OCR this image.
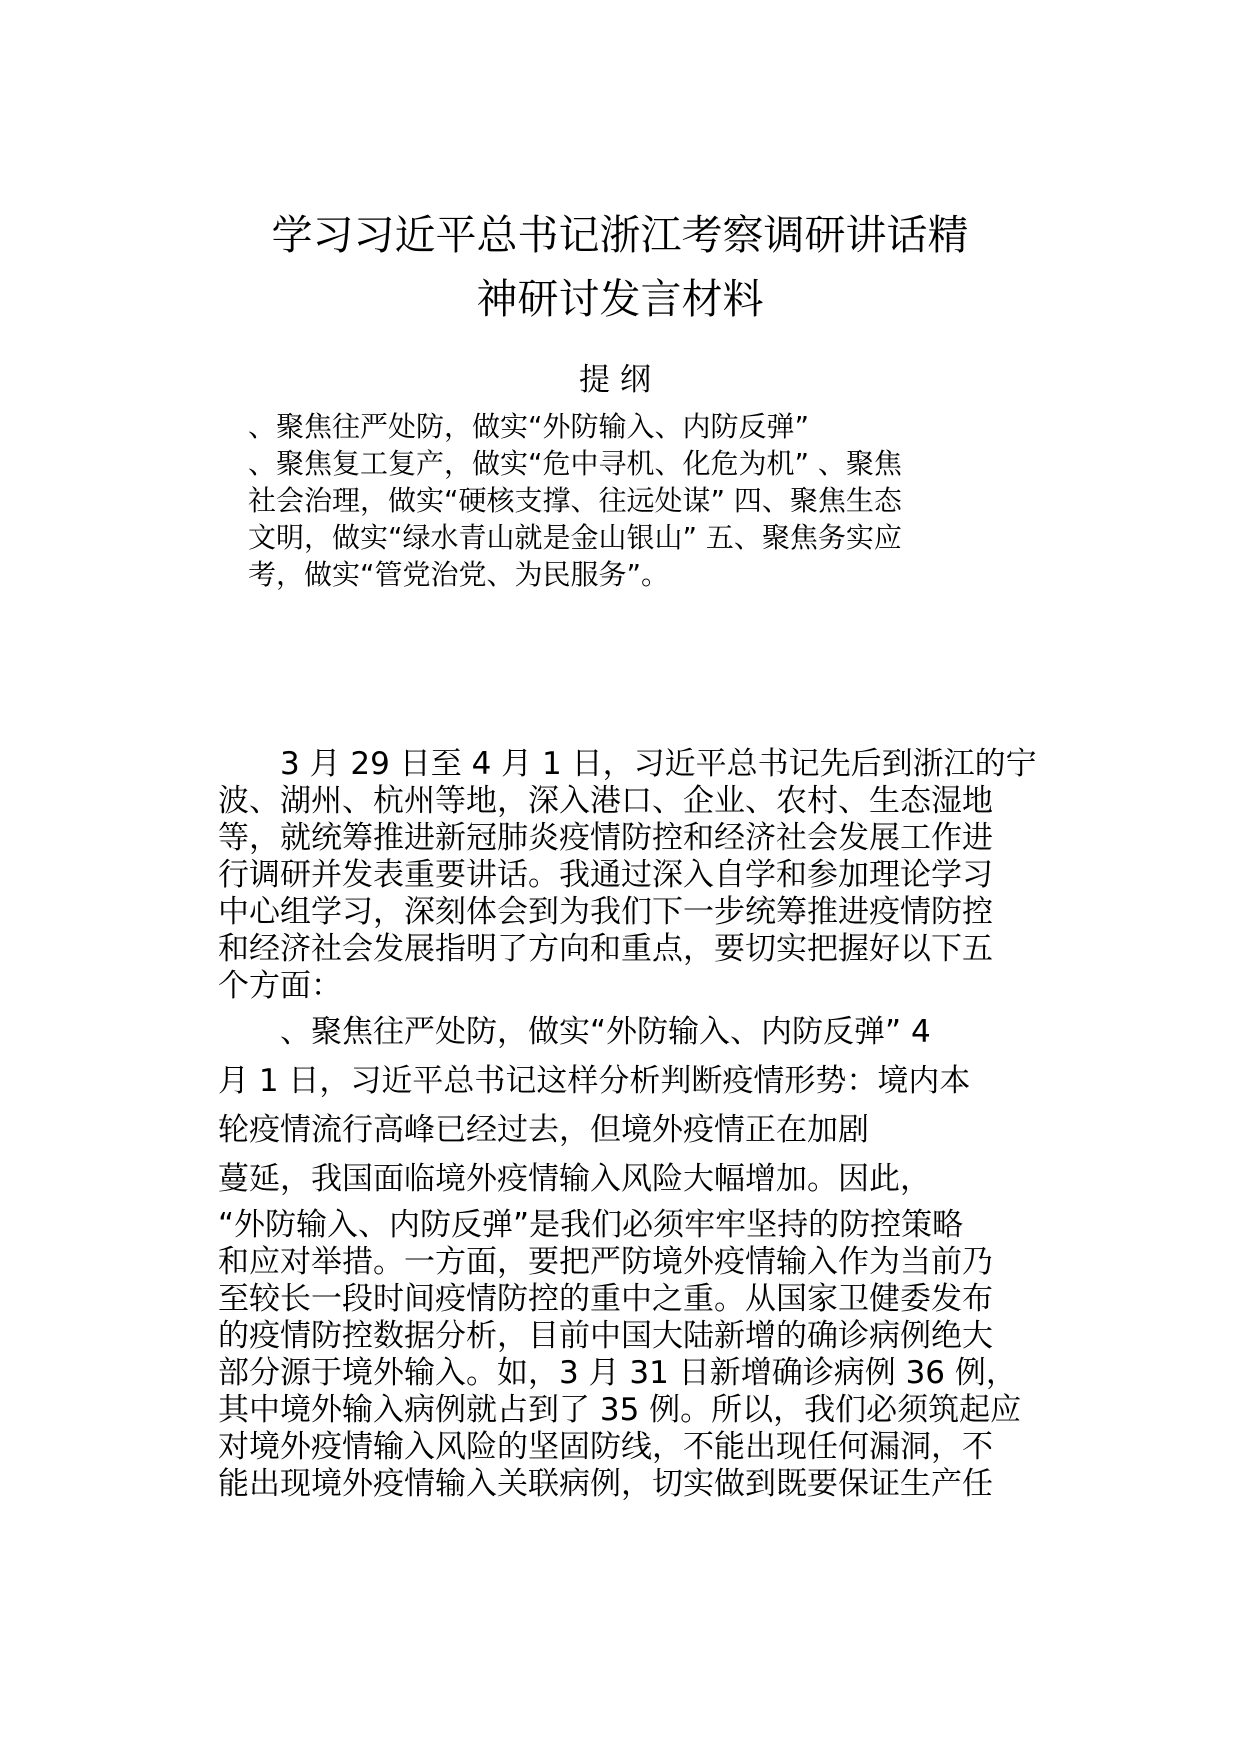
学习习近平总书记浙江考察调研讲话精
神研讨发言材料
提纲
、聚焦往严处防，做实“外防输入、内防反弹”
、聚焦复工复产，做实“危中寻机、化危为机” 、聚焦
社会治理，做实“硬核支撑、往远处谋” 四、聚焦生态
文明，做实“绿水青山就是金山银山” 五、聚焦务实应
考，做实“管党治党、为民服务”。
　　3 月 29 日至 4 月 1 日，习近平总书记先后到浙江的宁
波、湖州、杭州等地，深入港口、企业、农村、生态湿地
等，就统筹推进新冠肺炎疫情防控和经济社会发展工作进
行调研并发表重要讲话。我通过深入自学和参加理论学习
中心组学习，深刻体会到为我们下一步统筹推进疫情防控
和经济社会发展指明了方向和重点，要切实把握好以下五
个方面：
　　、聚焦往严处防，做实“外防输入、内防反弹” 4
月 1 日，习近平总书记这样分析判断疫情形势：境内本
轮疫情流行高峰已经过去，但境外疫情正在加剧
蔓延，我国面临境外疫情输入风险大幅增加。因此，
“外防输入、内防反弹”是我们必须牢牢坚持的防控策略
和应对举措。一方面，要把严防境外疫情输入作为当前乃
至较长一段时间疫情防控的重中之重。从国家卫健委发布
的疫情防控数据分析，目前中国大陆新增的确诊病例绝大
部分源于境外输入。如，3 月 31 日新增确诊病例 36 例，
其中境外输入病例就占到了 35 例。所以，我们必须筑起应
对境外疫情输入风险的坚固防线，不能出现任何漏洞，不
能出现境外疫情输入关联病例，切实做到既要保证生产任
